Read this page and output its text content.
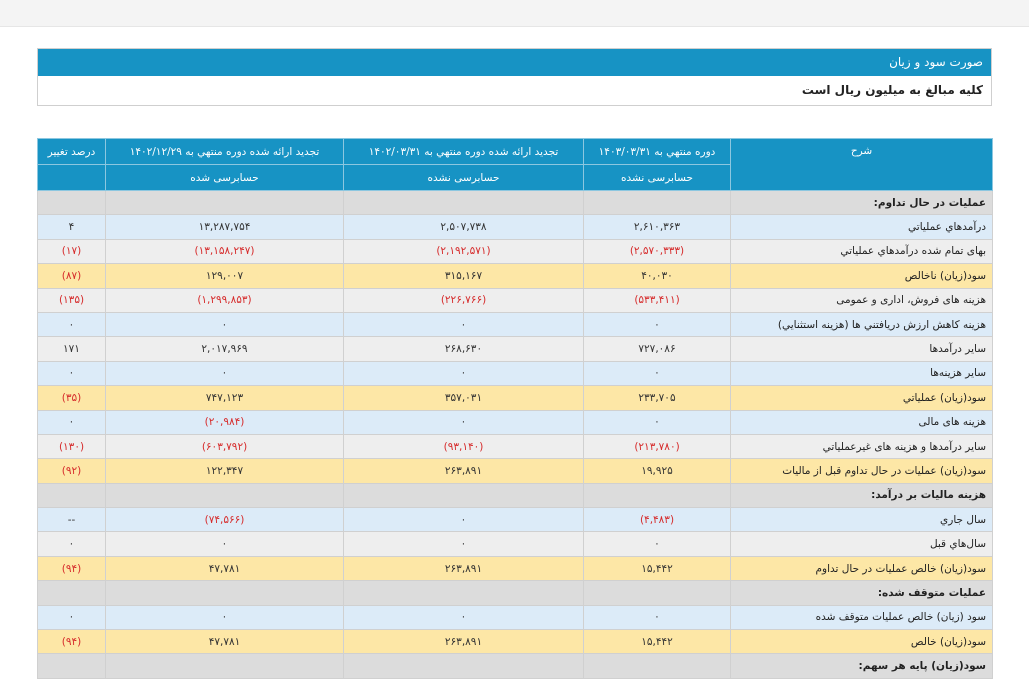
صورت سود و زیان
کلیه مبالغ به میلیون ریال است
درصد تغيير	تجديد ارائه شده دوره منتهي به ۱۴۰۲/۱۲/۲۹	تجديد ارائه شده دوره منتهي به ۱۴۰۲/۰۳/۳۱	دوره منتهي به ۱۴۰۳/۰۳/۳۱	شرح
	حسابرسی شده	حسابرسی نشده	حسابرسی نشده	
				عمليات در حال تداوم:
۴	۱۳,۲۸۷,۷۵۴	۲,۵۰۷,۷۳۸	۲,۶۱۰,۳۶۳	درآمدهاي عملياتي
(۱۷)	(۱۳,۱۵۸,۲۴۷)	(۲,۱۹۲,۵۷۱)	(۲,۵۷۰,۳۳۳)	بهاى تمام شده درآمدهاي عملياتي
(۸۷)	۱۲۹,۰۰۷	۳۱۵,۱۶۷	۴۰,۰۳۰	سود(زيان) ناخالص
(۱۳۵)	(۱,۲۹۹,۸۵۳)	(۲۲۶,۷۶۶)	(۵۳۳,۴۱۱)	هزينه هاى فروش، اداری و عمومی
۰	۰	۰	۰	هزينه کاهش ارزش دريافتني ها (هزينه استثنايي)
۱۷۱	۲,۰۱۷,۹۶۹	۲۶۸,۶۳۰	۷۲۷,۰۸۶	ساير درآمدها
۰	۰	۰	۰	ساير هزينه‌ها
(۳۵)	۷۴۷,۱۲۳	۳۵۷,۰۳۱	۲۳۳,۷۰۵	سود(زيان) عملياتي
۰	(۲۰,۹۸۴)	۰	۰	هزينه هاى مالی
(۱۳۰)	(۶۰۳,۷۹۲)	(۹۳,۱۴۰)	(۲۱۳,۷۸۰)	ساير درآمدها و هزينه هاى غيرعملياتي
(۹۲)	۱۲۲,۳۴۷	۲۶۳,۸۹۱	۱۹,۹۲۵	سود(زيان) عمليات در حال تداوم قبل از ماليات
				هزينه ماليات بر درآمد:
--	(۷۴,۵۶۶)	۰	(۴,۴۸۳)	سال جاري
۰	۰	۰	۰	سال‌هاي قبل
(۹۴)	۴۷,۷۸۱	۲۶۳,۸۹۱	۱۵,۴۴۲	سود(زيان) خالص عمليات در حال تداوم
				عمليات متوقف شده:
۰	۰	۰	۰	سود (زيان) خالص عمليات متوقف شده
(۹۴)	۴۷,۷۸۱	۲۶۳,۸۹۱	۱۵,۴۴۲	سود(زيان) خالص
				سود(زيان) پايه هر سهم:
